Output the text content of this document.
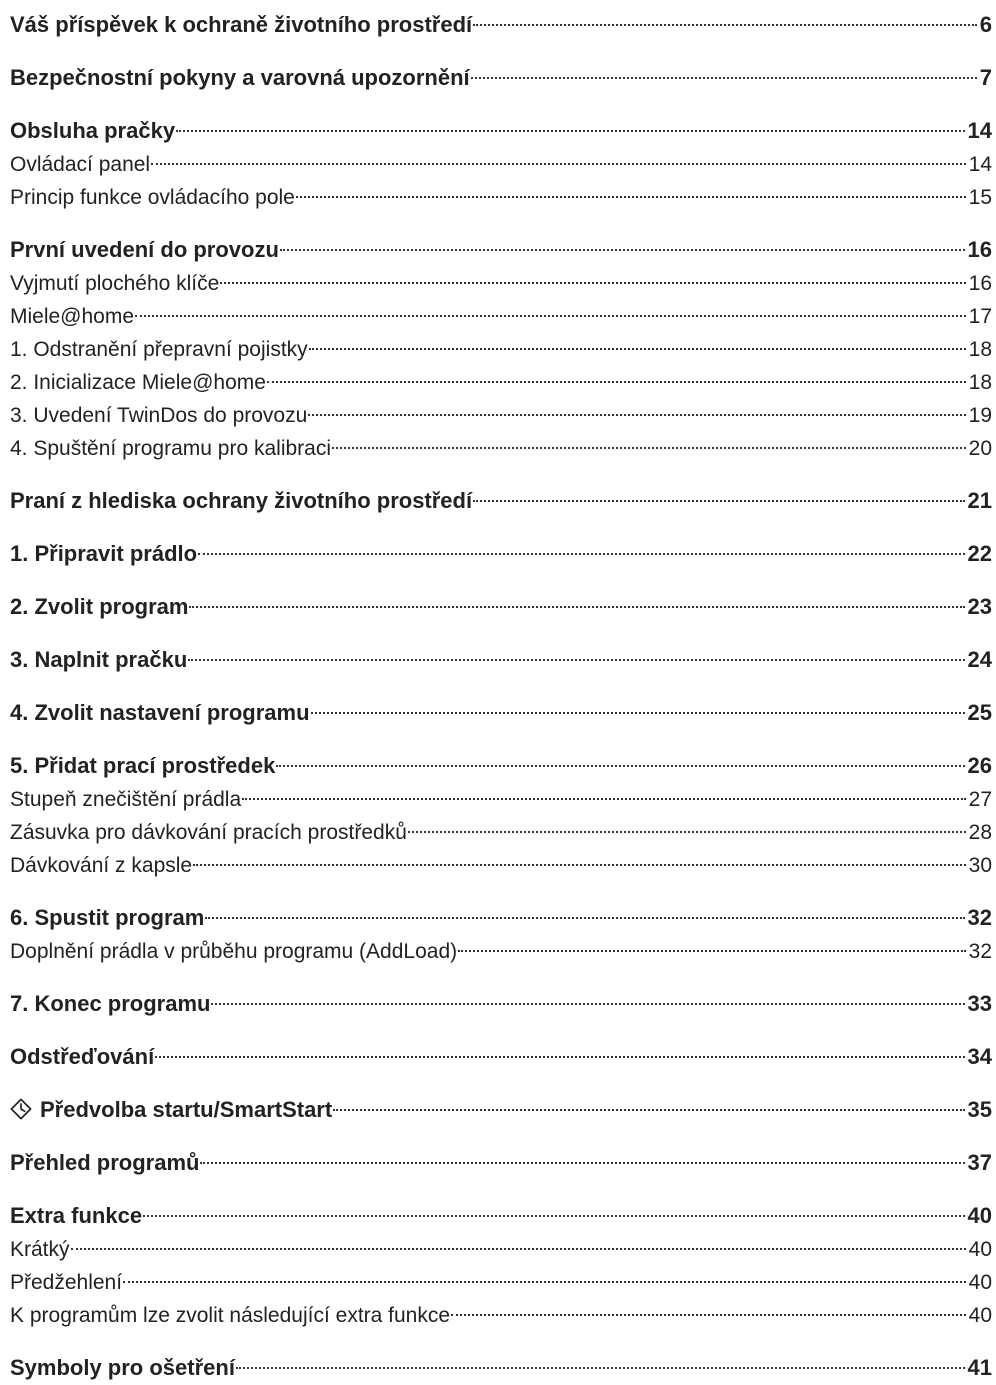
Váš příspěvek k ochraně životního prostředí	6
Bezpečnostní pokyny a varovná upozornění	7
Obsluha pračky	14
Ovládací panel	14
Princip funkce ovládacího pole	15
První uvedení do provozu	16
Vyjmutí plochého klíče	16
Miele@home	17
1. Odstranění přepravní pojistky	18
2. Inicializace Miele@home	18
3. Uvedení TwinDos do provozu	19
4. Spuštění programu pro kalibraci	20
Praní z hlediska ochrany životního prostředí	21
1. Připravit prádlo	22
2. Zvolit program	23
3. Naplnit pračku	24
4. Zvolit nastavení programu	25
5. Přidat prací prostředek	26
Stupeň znečištění prádla	27
Zásuvka pro dávkování pracích prostředků	28
Dávkování z kapsle	30
6. Spustit program	32
Doplnění prádla v průběhu programu (AddLoad)	32
7. Konec programu	33
Odstřeďování	34
Předvolba startu/SmartStart	35
Přehled programů	37
Extra funkce	40
Krátký	40
Předžehlení	40
K programům lze zvolit následující extra funkce	40
Symboly pro ošetření	41
